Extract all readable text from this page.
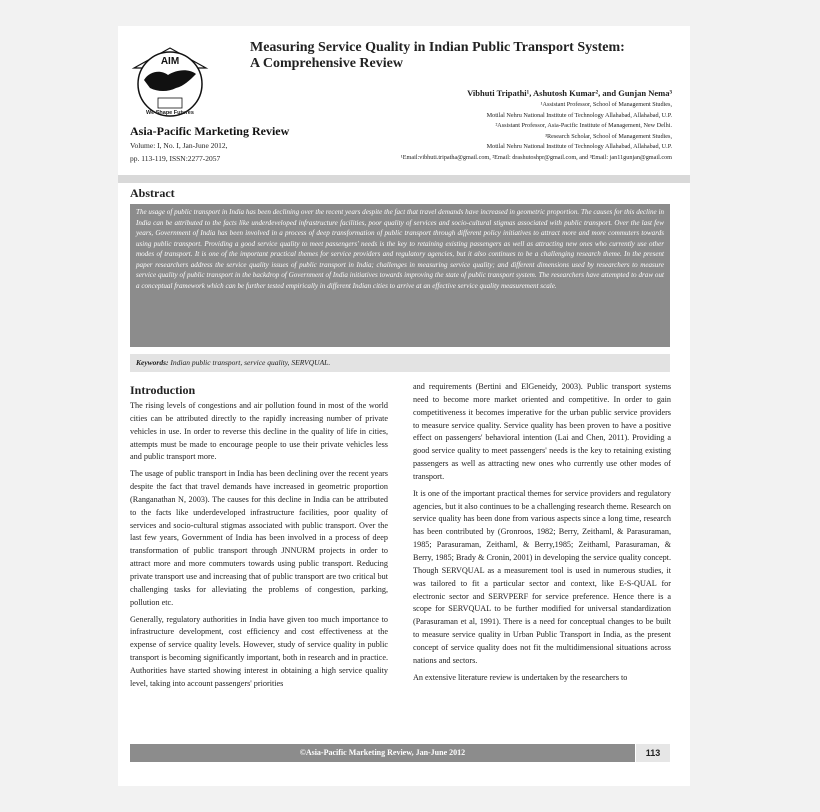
AIM
We Shape Futures
Asia-Pacific Marketing Review
Volume: I, No. I, Jan-June 2012,
pp. 113-119, ISSN:2277-2057
Measuring Service Quality in Indian Public Transport System:
A Comprehensive Review
Vibhuti Tripathi¹, Ashutosh Kumar², and Gunjan Nema³
¹Assistant Professor, School of Management Studies,
Motilal Nehru National Institute of Technology Allahabad, Allahabad, U.P.
²Assistant Professor, Asia-Pacific Institute of Management, New Delhi.
³Research Scholar, School of Management Studies,
Motilal Nehru National Institute of Technology Allahabad, Allahabad, U.P.
¹Email:vibhuti.tripatha@gmail.com, ²Email: drashutoshpr@gmail.com, and ³Email: jan11gunjan@gmail.com
Abstract

The usage of public transport in India has been declining over the recent years despite the fact that travel demands have increased in geometric proportion. The causes for this decline in India can be attributed to the facts like underdeveloped infrastructure facilities, poor quality of services and socio-cultural stigmas associated with public transport. Over the last few years, Government of India has been involved in a process of deep transformation of public transport through different policy initiatives to attract more and more commuters towards using public transport. Providing a good service quality to meet passengers' needs is the key to retaining existing passengers as well as attracting new ones who currently use other modes of transport. It is one of the important practical themes for service providers and regulatory agencies, but it also continues to be a challenging research theme. In the present paper researchers address the service quality issues of public transport in India; challenges in measuring service quality; and different dimensions used by researchers to measure service quality of public transport in the backdrop of Government of India initiatives towards improving the state of public transport system. The researchers have attempted to draw out a conceptual framework which can be further tested empirically in different Indian cities to arrive at an effective service quality measurement scale.

Keywords: Indian public transport, service quality, SERVQUAL.
Introduction

The rising levels of congestions and air pollution found in most of the world cities can be attributed directly to the rapidly increasing number of private vehicles in use. In order to reverse this decline in the quality of life in cities, attempts must be made to encourage people to use their private vehicles less and public transport more.

The usage of public transport in India has been declining over the recent years despite the fact that travel demands have increased in geometric proportion (Ranganathan N, 2003). The causes for this decline in India can be attributed to the facts like underdeveloped infrastructure facilities, poor quality of services and socio-cultural stigmas associated with public transport. Over the last few years, Government of India has been involved in a process of deep transformation of public transport through JNNURM projects in order to attract more and more commuters towards using public transport. Reducing private transport use and increasing that of public transport are two critical but challenging tasks for alleviating the problems of congestion, parking, pollution etc.

Generally, regulatory authorities in India have given too much importance to infrastructure development, cost efficiency and cost effectiveness at the expense of service quality levels. However, study of service quality in public transport is becoming significantly important, both in research and in practice. Authorities have started showing interest in obtaining a high service quality level, taking into account passengers' priorities

and requirements (Bertini and ElGeneidy, 2003). Public transport systems need to become more market oriented and competitive. In order to gain competitiveness it becomes imperative for the urban public service providers to measure service quality. Service quality has been proven to have a positive effect on passengers' behavioral intention (Lai and Chen, 2011). Providing a good service quality to meet passengers' needs is the key to retaining existing passengers as well as attracting new ones who currently use other modes of transport.

It is one of the important practical themes for service providers and regulatory agencies, but it also continues to be a challenging research theme. Research on service quality has been done from various aspects since a long time, research has been contributed by (Gronroos, 1982; Berry, Zeithaml, & Parasuraman, 1985; Parasuraman, Zeithaml, & Berry,1985; Zeithaml, Parasuraman, & Berry, 1985; Brady & Cronin, 2001) in developing the service quality concept. Though SERVQUAL as a measurement tool is used in numerous studies, it was tailored to fit a particular sector and context, like E-S-QUAL for electronic sector and SERVPERF for service preference. Hence there is a scope for SERVQUAL to be further modified for universal standardization (Parasuraman et al, 1991). There is a need for conceptual changes to be built to measure service quality in Urban Public Transport in India, as the present concept of service quality does not fit the multidimensional situations across nations and sectors.

An extensive literature review is undertaken by the researchers to

©Asia-Pacific Marketing Review, Jan-June 2012	113
